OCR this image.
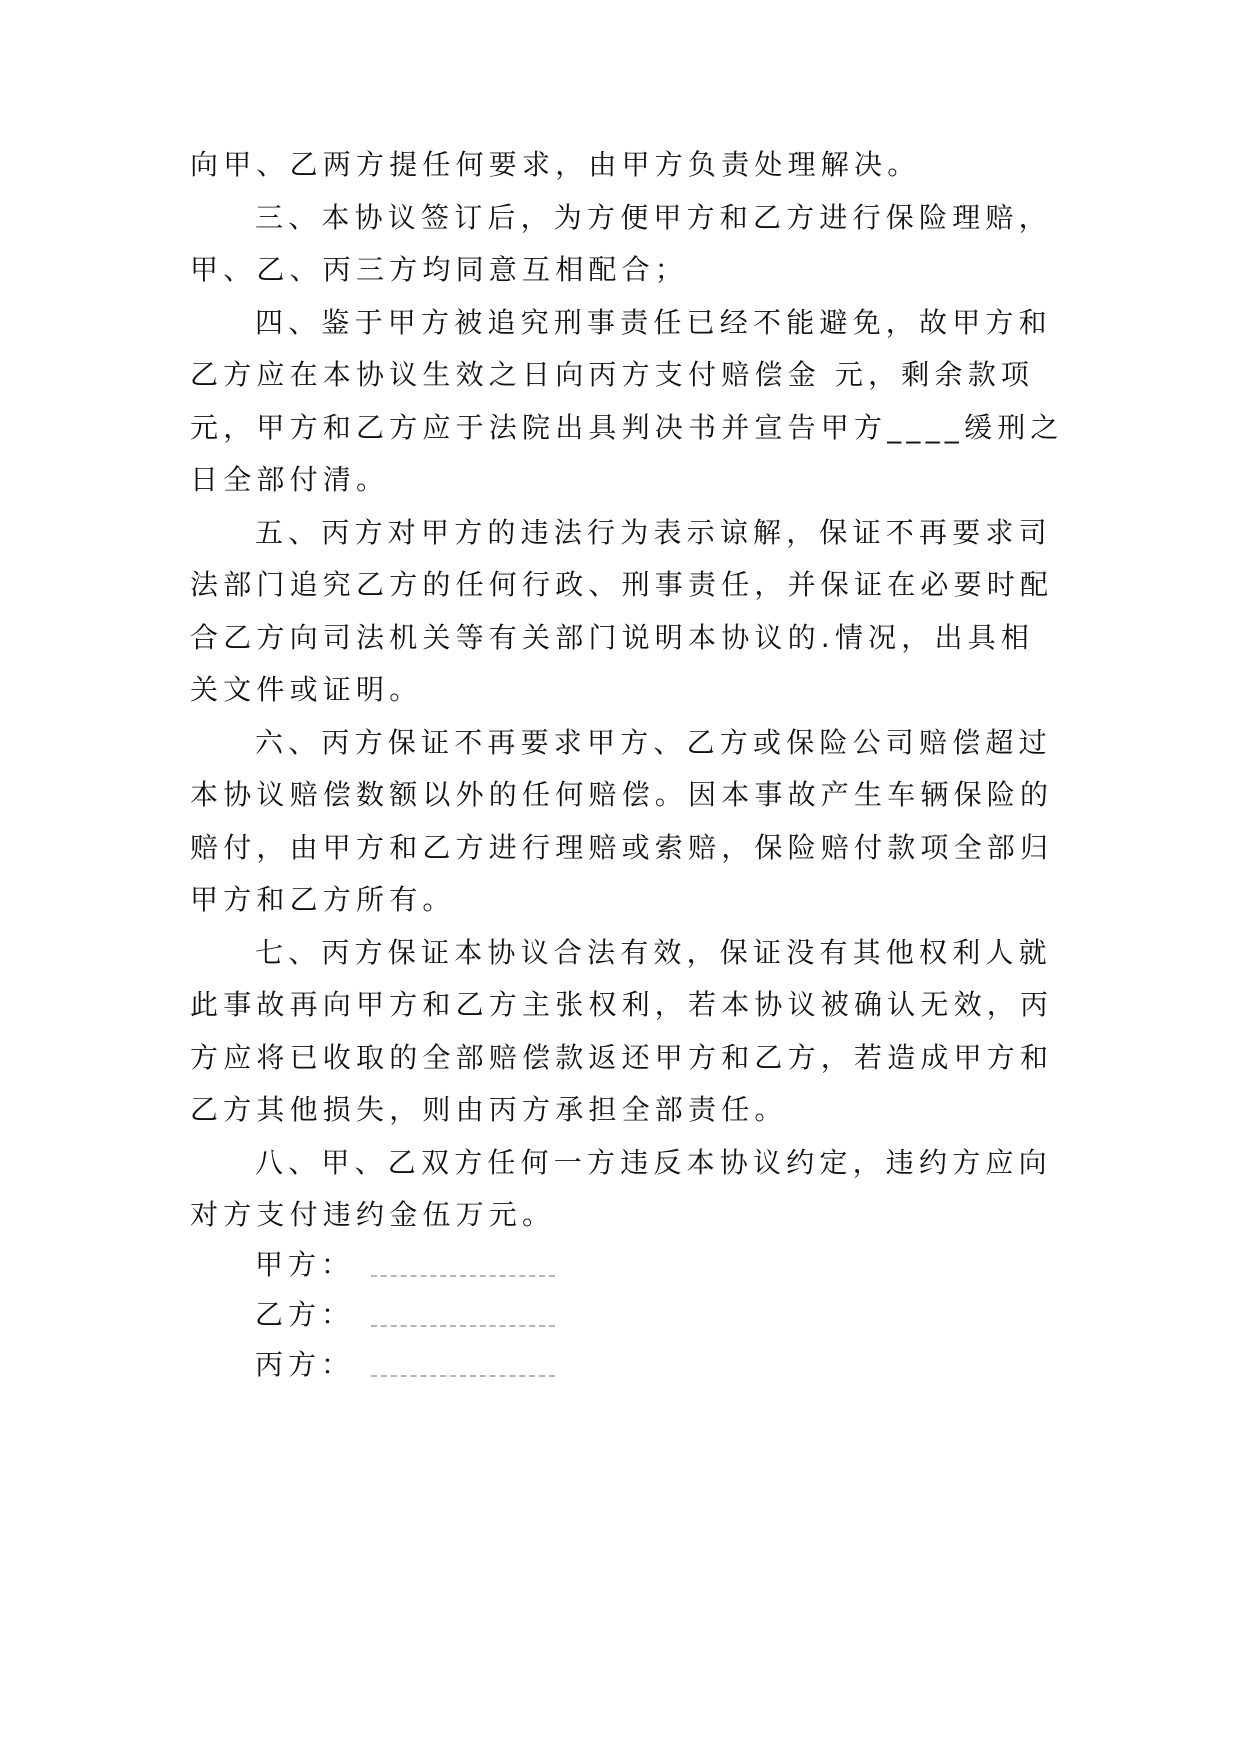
向甲、乙两方提任何要求，由甲方负责处理解决。
三、本协议签订后，为方便甲方和乙方进行保险理赔，
甲、乙、丙三方均同意互相配合；
四、鉴于甲方被追究刑事责任已经不能避免，故甲方和
乙方应在本协议生效之日向丙方支付赔偿金 元，剩余款项
元，甲方和乙方应于法院出具判决书并宣告甲方____缓刑之
日全部付清。
五、丙方对甲方的违法行为表示谅解，保证不再要求司
法部门追究乙方的任何行政、刑事责任，并保证在必要时配
合乙方向司法机关等有关部门说明本协议的.情况，出具相
关文件或证明。
六、丙方保证不再要求甲方、乙方或保险公司赔偿超过
本协议赔偿数额以外的任何赔偿。因本事故产生车辆保险的
赔付，由甲方和乙方进行理赔或索赔，保险赔付款项全部归
甲方和乙方所有。
七、丙方保证本协议合法有效，保证没有其他权利人就
此事故再向甲方和乙方主张权利，若本协议被确认无效，丙
方应将已收取的全部赔偿款返还甲方和乙方，若造成甲方和
乙方其他损失，则由丙方承担全部责任。
八、甲、乙双方任何一方违反本协议约定，违约方应向
对方支付违约金伍万元。
甲方：
乙方：
丙方：
